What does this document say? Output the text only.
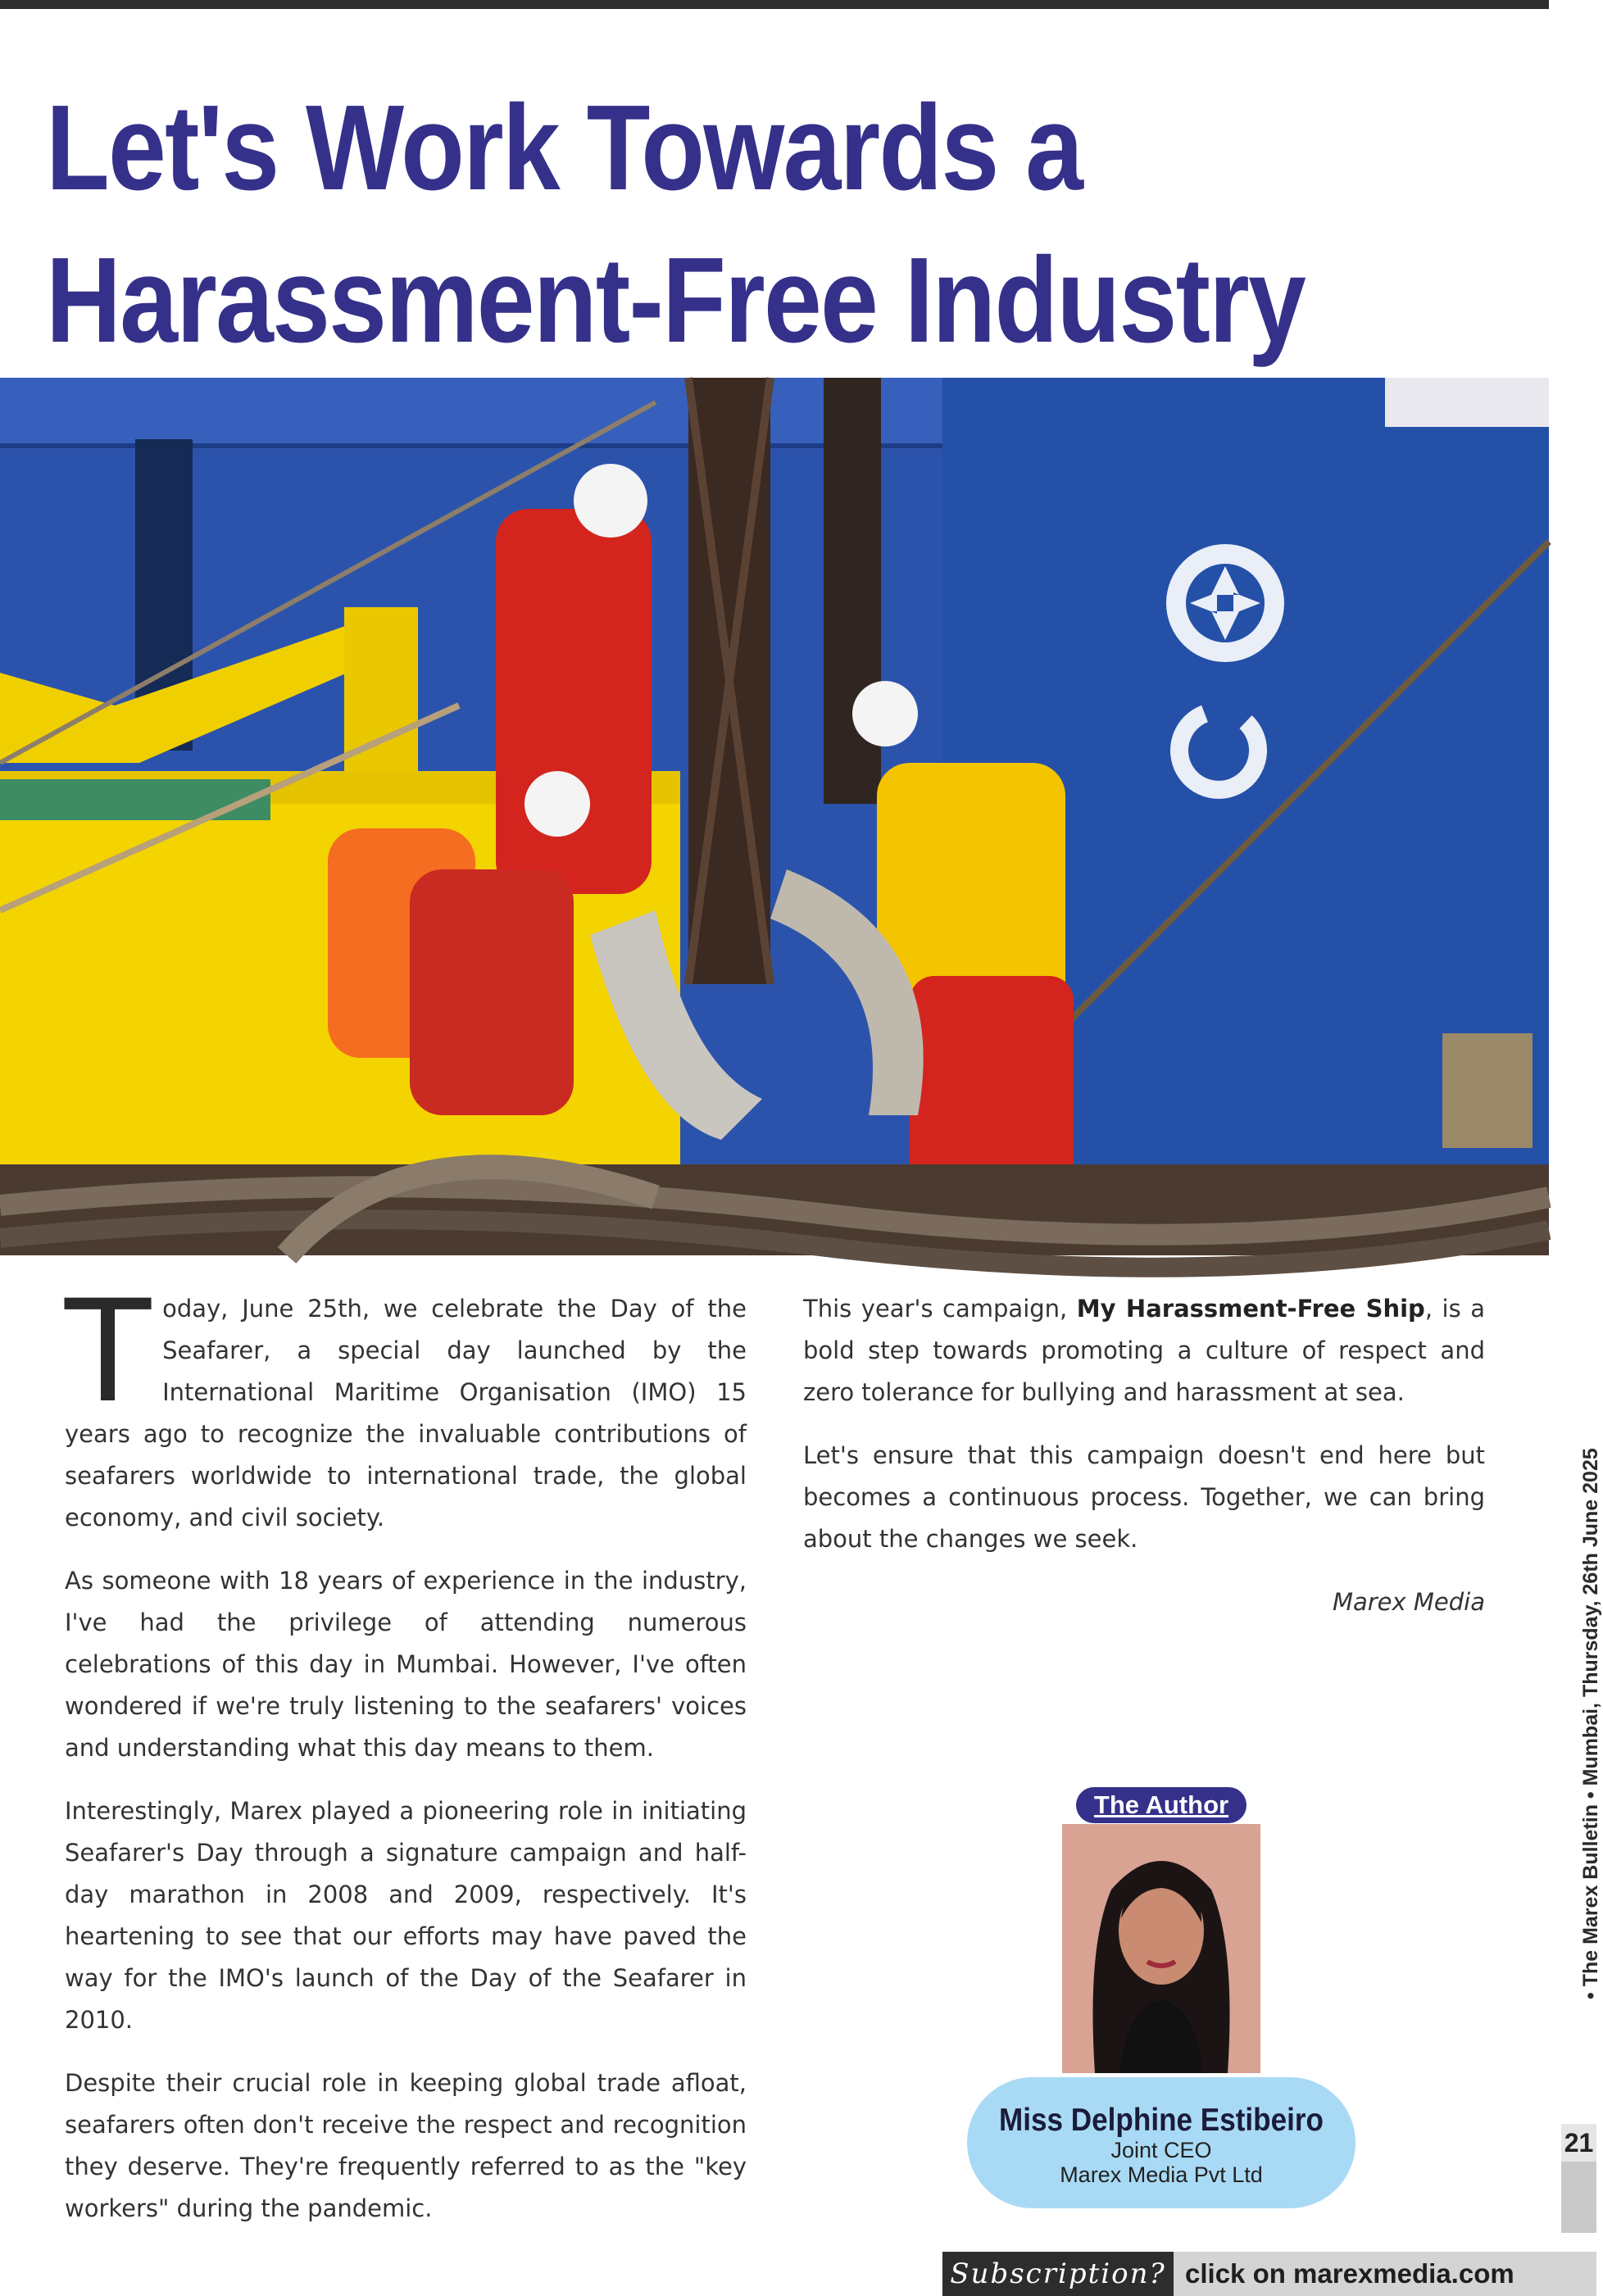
Let's Work Towards a
Harassment-Free Industry

Today, June 25th, we celebrate the Day of the Seafarer, a special day launched by the International Maritime Organisation (IMO) 15 years ago to recognize the invaluable contributions of seafarers worldwide to international trade, the global economy, and civil society.

As someone with 18 years of experience in the industry, I've had the privilege of attending numerous celebrations of this day in Mumbai. However, I've often wondered if we're truly listening to the seafarers' voices and understanding what this day means to them.

Interestingly, Marex played a pioneering role in initiating Seafarer's Day through a signature campaign and half-day marathon in 2008 and 2009, respectively. It's heartening to see that our efforts may have paved the way for the IMO's launch of the Day of the Seafarer in 2010.

Despite their crucial role in keeping global trade afloat, seafarers often don't receive the respect and recognition they deserve. They're frequently referred to as the "key workers" during the pandemic.

This year's campaign, My Harassment-Free Ship, is a bold step towards promoting a culture of respect and zero tolerance for bullying and harassment at sea.

Let's ensure that this campaign doesn't end here but becomes a continuous process. Together, we can bring about the changes we seek.

Marex Media

The Author
Miss Delphine Estibeiro
Joint CEO
Marex Media Pvt Ltd
• The Marex Bulletin • Mumbai, Thursday, 26th June 2025
21
Subscription? click on marexmedia.com
